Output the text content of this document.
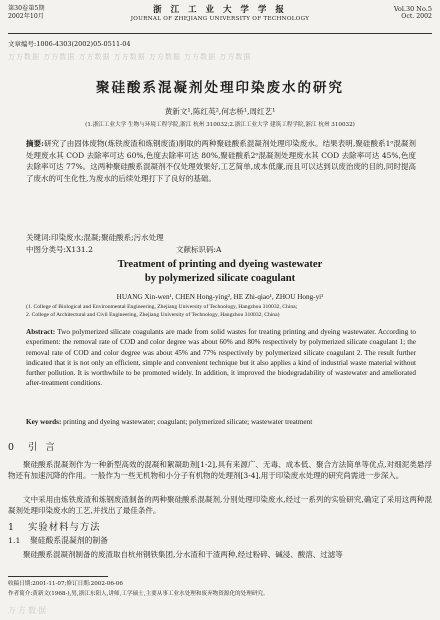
第30卷第5期
2002年10月
浙 江 工 业 大 学 学 报
JOURNAL OF ZHEJIANG UNIVERSITY OF TECHNOLOGY
Vol.30 No.5
Oct. 2002
文章编号:1006-4303(2002)05-0511-04
万方数据 万方数据 万方数据 万方数据 万方数据 万方数据 万方数据
聚硅酸系混凝剂处理印染废水的研究
黄新文¹,陈红英²,何志桥¹,周红艺¹
(1.浙江工业大学 生物与环境工程学院,浙江 杭州 310032;2.浙江工业大学 建筑工程学院,浙江 杭州 310032)
摘要:研究了由固体废物(炼铁废渣和炼钢废渣)制取的两种聚硅酸系混凝剂处理印染废水。结果表明,聚硅酸系1ᵒ混凝剂处理废水其 COD 去除率可达 60%,色度去除率可达 80%,聚硅酸系2ᵒ混凝剂处理废水其 COD 去除率可达 45%,色度去除率可达 77%。这两种聚硅酸系混凝剂不仅处理效果好,工艺简单,成本低廉,而且可以达到以废治废的目的,同时提高了废水的可生化性,为废水的后续处理打下了良好的基础。
关键词:印染废水;混凝;聚硅酸系;污水处理
中图分类号:X131.2	文献标识码:A
Treatment of printing and dyeing wastewater
by polymerized silicate coagulant
HUANG Xin-wen¹, CHEN Hong-ying², HE Zhi-qiao¹, ZHOU Hong-yi¹
(1. College of Biological and Environmental Engineering, Zhejiang University of Technology, Hangzhou 310032, China;
2. College of Architectural and Civil Engineering, Zhejiang University of Technology, Hangzhou 310032, China)
Abstract: Two polymerized silicate coagulants are made from solid wastes for treating printing and dyeing wastewater. According to experiment: the removal rate of COD and color degree was about 60% and 80% respectively by polymerized silicate coagulant 1; the removal rate of COD and color degree was about 45% and 77% respectively by polymerized silicate coagulant 2. The result further indicated that it is not only an efficient, simple and convenient technique but it also applies a kind of industrial waste material without further pollution. It is worthwhile to be promoted widely. In addition, it improved the biodegradability of wastewater and ameliorated after-treatment conditions.
Key words: printing and dyeing wastewater; coagulant; polymerized silicate; wastewater treatment
0 引言
聚硅酸系混凝剂作为一种新型高效的混凝和絮凝助剂[1-2],具有来源广、无毒、成本低、聚合方法简单等优点,对细泥类悬浮物还有加速沉降的作用。一般作为一些无机物和小分子有机物的处理剂[3-4],用于印染废水处理的研究尚需进一步深入。
文中采用由炼铁废渣和炼钢废渣制备的两种聚硅酸系混凝剂,分别处理印染废水,经过一系列的实验研究,确定了采用这两种混凝剂处理印染废水的工艺,并找出了最佳条件。
1 实验材料与方法
1.1 聚硅酸系混凝剂的制备
聚硅酸系混凝剂制备的废渣取自杭州钢铁集团,分水渣和干渣两种,经过粉碎、碱浸、酸溶、过滤等
收稿日期:2001-11-07;修订日期:2002-06-06
作者简介:黄新文(1968-),男,浙江东阳人,讲师,工学硕士,主要从事工业水处理和废弃物资源化的处理研究。
万方数据
